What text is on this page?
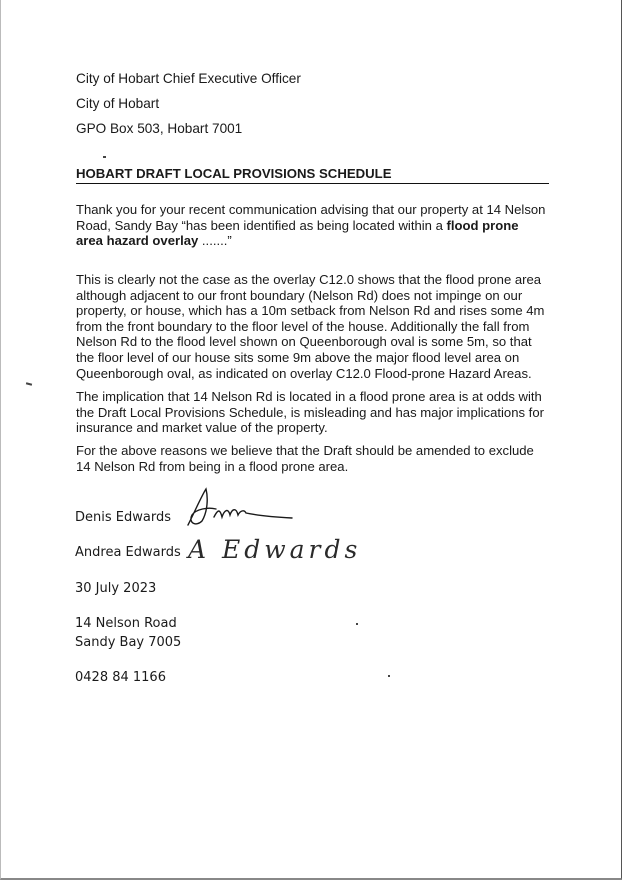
City of Hobart Chief Executive Officer
City of Hobart
GPO Box 503, Hobart 7001
HOBART DRAFT LOCAL PROVISIONS SCHEDULE

Thank you for your recent communication advising that our property at 14 Nelson Road, Sandy Bay “has been identified as being located within a flood prone area hazard overlay .......”

This is clearly not the case as the overlay C12.0 shows that the flood prone area although adjacent to our front boundary (Nelson Rd) does not impinge on our property, or house, which has a 10m setback from Nelson Rd and rises some 4m from the front boundary to the floor level of the house. Additionally the fall from Nelson Rd to the flood level shown on Queenborough oval is some 5m, so that the floor level of our house sits some 9m above the major flood level area on Queenborough oval, as indicated on overlay C12.0 Flood-prone Hazard Areas.

The implication that 14 Nelson Rd is located in a flood prone area is at odds with the Draft Local Provisions Schedule, is misleading and has major implications for insurance and market value of the property.

For the above reasons we believe that the Draft should be amended to exclude 14 Nelson Rd from being in a flood prone area.

Denis Edwards
Andrea Edwards A Edwards
30 July 2023
14 Nelson Road
Sandy Bay 7005
0428 84 1166
